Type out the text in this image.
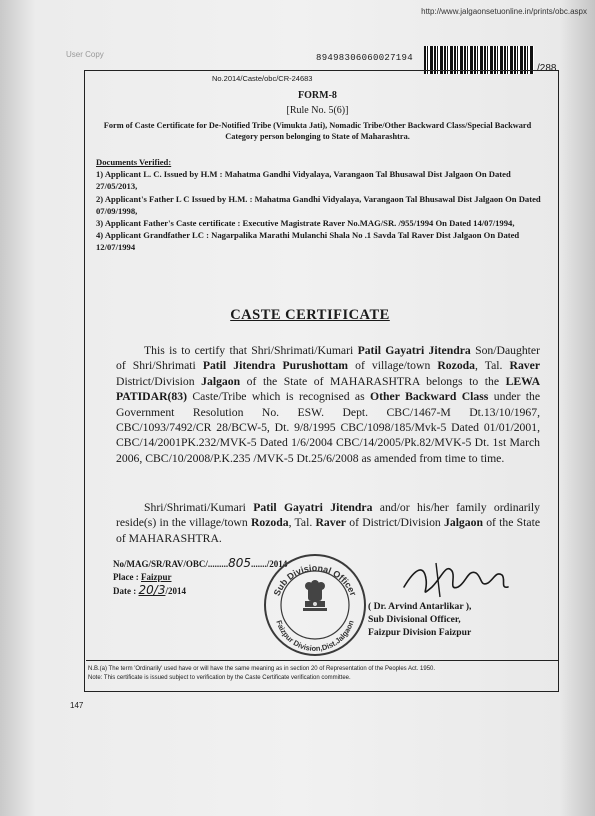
http://www.jalgaonsetuonline.in/prints/obc.aspx
User Copy	89498306060027194
/288
No.2014/Caste/obc/CR-24683
FORM-8
[Rule No. 5(6)]
Form of Caste Certificate for De-Notified Tribe (Vimukta Jati), Nomadic Tribe/Other Backward Class/Special Backward Category person belonging to State of Maharashtra.
Documents Verified:
1) Applicant L. C. Issued by H.M : Mahatma Gandhi Vidyalaya, Varangaon Tal Bhusawal Dist Jalgaon On Dated 27/05/2013,
2) Applicant's Father L C Issued by H.M. : Mahatma Gandhi Vidyalaya, Varangaon Tal Bhusawal Dist Jalgaon On Dated 07/09/1998,
3) Applicant Father's Caste certificate : Executive Magistrate Raver No.MAG/SR. /955/1994 On Dated 14/07/1994,
4) Applicant Grandfather LC : Nagarpalika Marathi Mulanchi Shala No .1 Savda Tal Raver Dist Jalgaon On Dated 12/07/1994
CASTE CERTIFICATE

This is to certify that Shri/Shrimati/Kumari Patil Gayatri Jitendra Son/Daughter of Shri/Shrimati Patil Jitendra Purushottam of village/town Rozoda, Tal. Raver District/Division Jalgaon of the State of MAHARASHTRA belongs to the LEWA PATIDAR(83) Caste/Tribe which is recognised as Other Backward Class under the Government Resolution No. ESW. Dept. CBC/1467-M Dt.13/10/1967, CBC/1093/7492/CR 28/BCW-5, Dt. 9/8/1995 CBC/1098/185/Mvk-5 Dated 01/01/2001, CBC/14/2001PK.232/MVK-5 Dated 1/6/2004 CBC/14/2005/Pk.82/MVK-5 Dt. 1st March 2006, CBC/10/2008/P.K.235 /MVK-5 Dt.25/6/2008 as amended from time to time.

Shri/Shrimati/Kumari Patil Gayatri Jitendra and/or his/her family ordinarily reside(s) in the village/town Rozoda, Tal. Raver of District/Division Jalgaon of the State of MAHARASHTRA.

No/MAG/SR/RAV/OBC/.........805......./2014
Place : Faizpur
Date : 20/3/2014	Sub Divisional Officer
Faizpur Division,Dist.Jalgaon
( Dr. Arvind Antarlikar ),
Sub Divisional Officer,
Faizpur Division Faizpur
N.B.(a) The term 'Ordinarily' used have or will have the same meaning as in section 20 of Representation of the Peoples Act. 1950.
Note: This certificate is issued subject to verification by the Caste Certificate verification committee.
147
